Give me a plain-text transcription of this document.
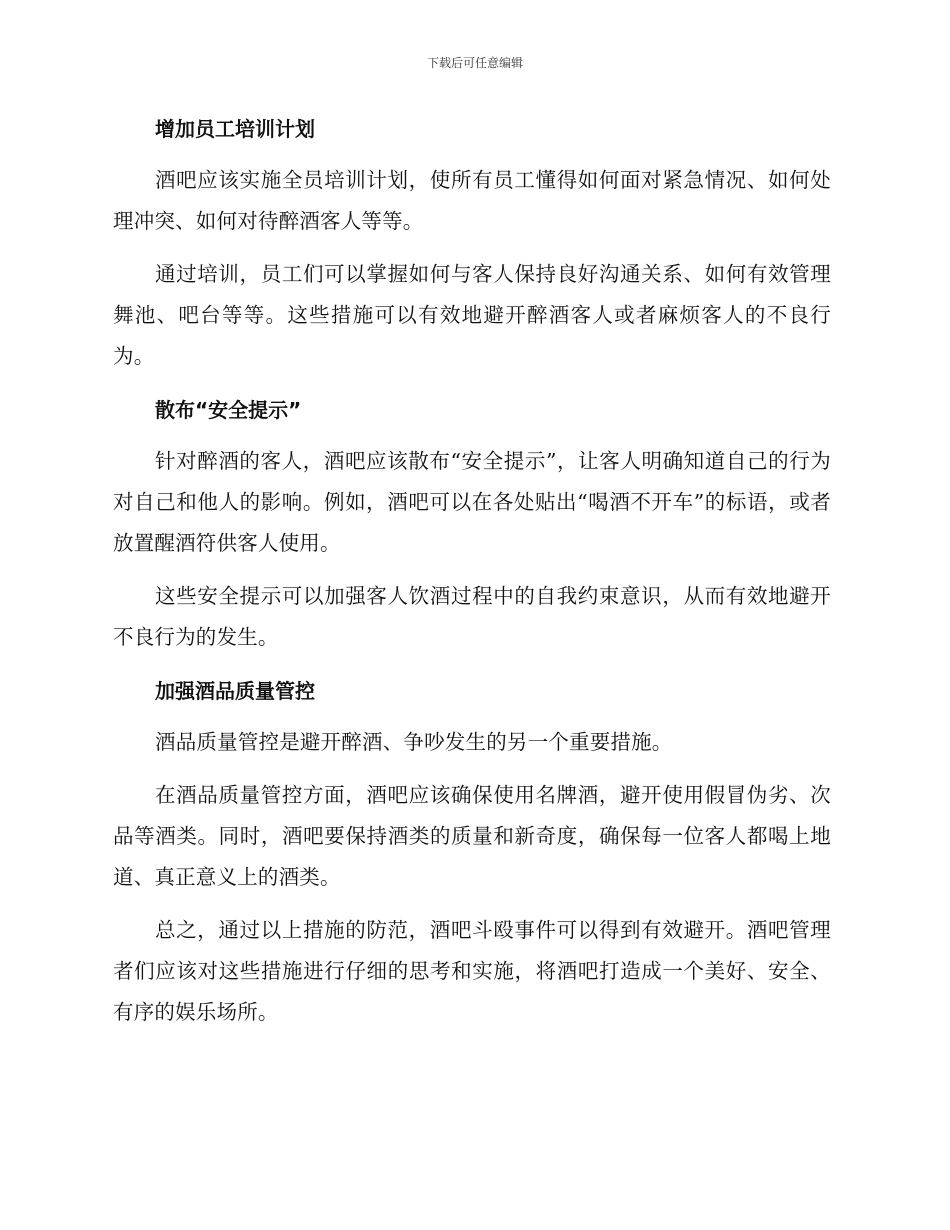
下载后可任意编辑
增加员工培训计划

酒吧应该实施全员培训计划，使所有员工懂得如何面对紧急情况、如何处理冲突、如何对待醉酒客人等等。

通过培训，员工们可以掌握如何与客人保持良好沟通关系、如何有效管理舞池、吧台等等。这些措施可以有效地避开醉酒客人或者麻烦客人的不良行为。

散布“安全提示”

针对醉酒的客人，酒吧应该散布“安全提示”，让客人明确知道自己的行为对自己和他人的影响。例如，酒吧可以在各处贴出“喝酒不开车”的标语，或者放置醒酒符供客人使用。

这些安全提示可以加强客人饮酒过程中的自我约束意识，从而有效地避开不良行为的发生。

加强酒品质量管控

酒品质量管控是避开醉酒、争吵发生的另一个重要措施。

在酒品质量管控方面，酒吧应该确保使用名牌酒，避开使用假冒伪劣、次品等酒类。同时，酒吧要保持酒类的质量和新奇度，确保每一位客人都喝上地道、真正意义上的酒类。

总之，通过以上措施的防范，酒吧斗殴事件可以得到有效避开。酒吧管理者们应该对这些措施进行仔细的思考和实施，将酒吧打造成一个美好、安全、有序的娱乐场所。
